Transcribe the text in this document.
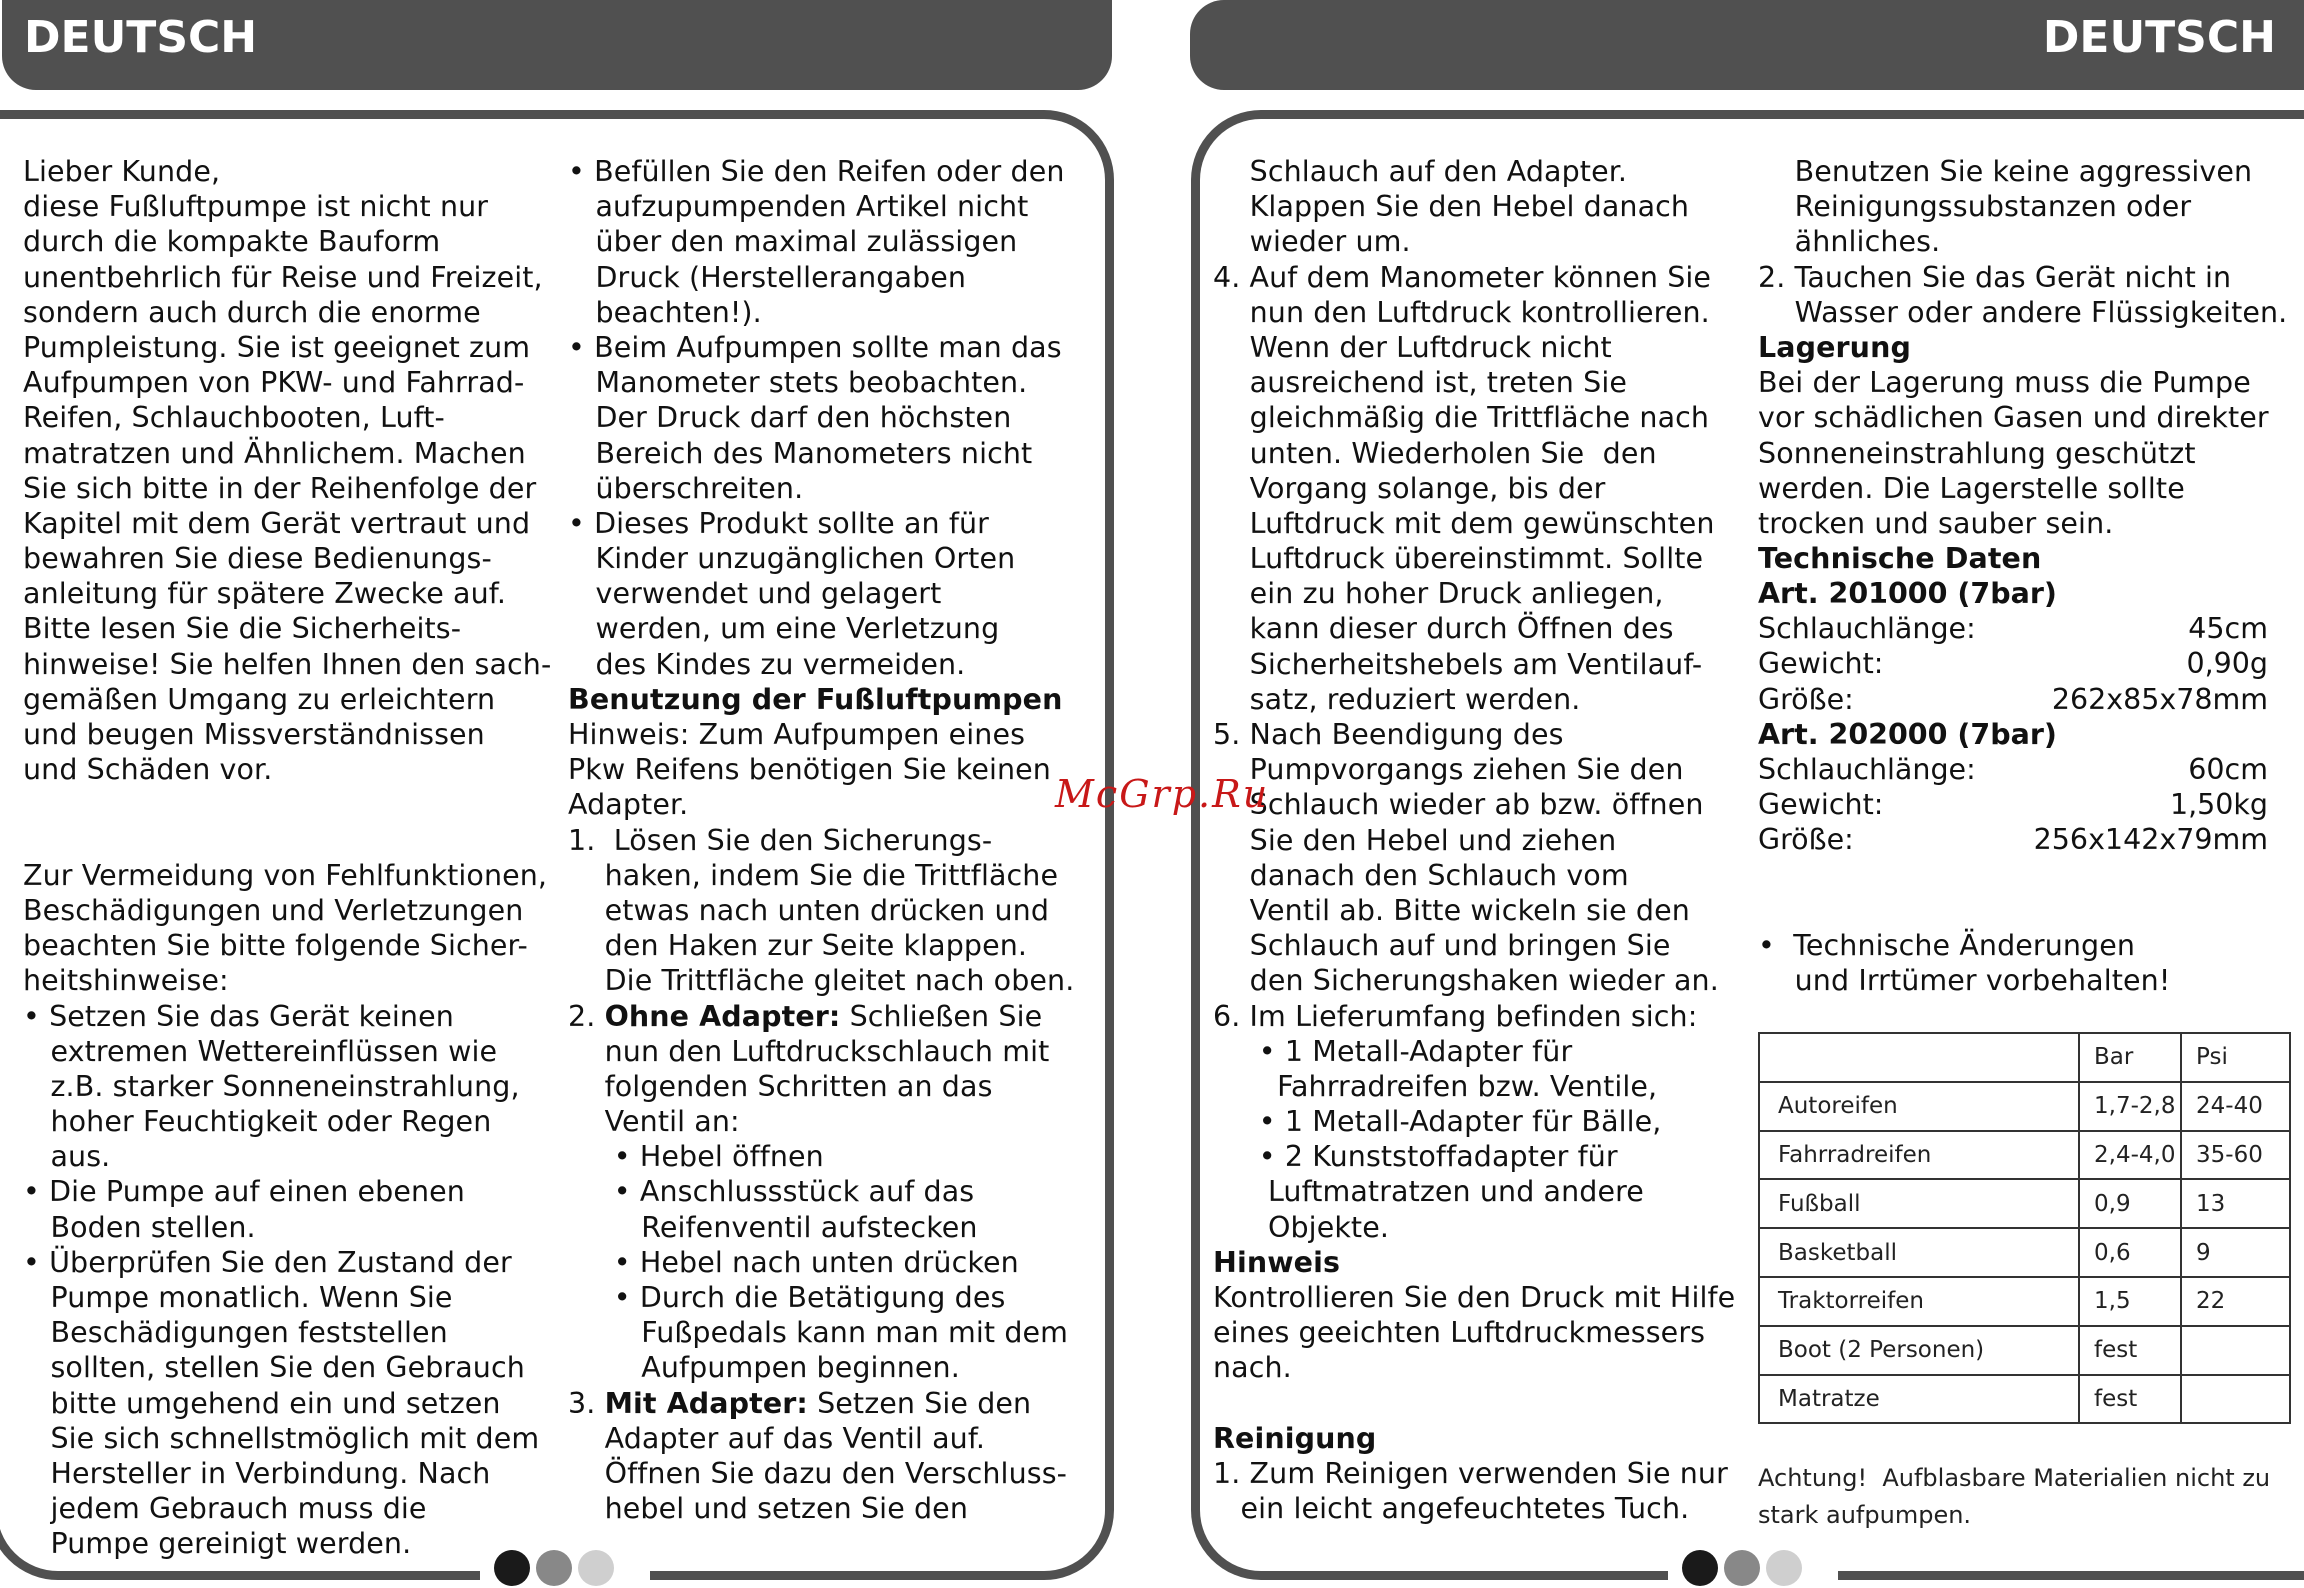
DEUTSCH	DEUTSCH
Lieber Kunde,
diese Fußluftpumpe ist nicht nur
durch die kompakte Bauform
unentbehrlich für Reise und Freizeit,
sondern auch durch die enorme
Pumpleistung. Sie ist geeignet zum
Aufpumpen von PKW- und Fahrrad-
Reifen, Schlauchbooten, Luft-
matratzen und Ähnlichem. Machen
Sie sich bitte in der Reihenfolge der
Kapitel mit dem Gerät vertraut und
bewahren Sie diese Bedienungs-
anleitung für spätere Zwecke auf.
Bitte lesen Sie die Sicherheits-
hinweise! Sie helfen Ihnen den sach-
gemäßen Umgang zu erleichtern
und beugen Missverständnissen
und Schäden vor.
Zur Vermeidung von Fehlfunktionen,
Beschädigungen und Verletzungen
beachten Sie bitte folgende Sicher-
heitshinweise:
• Setzen Sie das Gerät keinen
extremen Wettereinflüssen wie
z.B. starker Sonneneinstrahlung,
hoher Feuchtigkeit oder Regen
aus.
• Die Pumpe auf einen ebenen
Boden stellen.
• Überprüfen Sie den Zustand der
Pumpe monatlich. Wenn Sie
Beschädigungen feststellen
sollten, stellen Sie den Gebrauch
bitte umgehend ein und setzen
Sie sich schnellstmöglich mit dem
Hersteller in Verbindung. Nach
jedem Gebrauch muss die
Pumpe gereinigt werden.
• Befüllen Sie den Reifen oder den
aufzupumpenden Artikel nicht
über den maximal zulässigen
Druck (Herstellerangaben
beachten!).
• Beim Aufpumpen sollte man das
Manometer stets beobachten.
Der Druck darf den höchsten
Bereich des Manometers nicht
überschreiten.
• Dieses Produkt sollte an für
Kinder unzugänglichen Orten
verwendet und gelagert
werden, um eine Verletzung
des Kindes zu vermeiden.
Benutzung der Fußluftpumpen
Hinweis: Zum Aufpumpen eines
Pkw Reifens benötigen Sie keinen
Adapter.
1.  Lösen Sie den Sicherungs-
haken, indem Sie die Trittfläche
etwas nach unten drücken und
den Haken zur Seite klappen.
Die Trittfläche gleitet nach oben.
2. Ohne Adapter: Schließen Sie
nun den Luftdruckschlauch mit
folgenden Schritten an das
Ventil an:
• Hebel öffnen
• Anschlussstück auf das
Reifenventil aufstecken
• Hebel nach unten drücken
• Durch die Betätigung des
Fußpedals kann man mit dem
Aufpumpen beginnen.
3. Mit Adapter: Setzen Sie den
Adapter auf das Ventil auf.
Öffnen Sie dazu den Verschluss-
hebel und setzen Sie den
Schlauch auf den Adapter.
Klappen Sie den Hebel danach
wieder um.
4. Auf dem Manometer können Sie
nun den Luftdruck kontrollieren.
Wenn der Luftdruck nicht
ausreichend ist, treten Sie
gleichmäßig die Trittfläche nach
unten. Wiederholen Sie  den
Vorgang solange, bis der
Luftdruck mit dem gewünschten
Luftdruck übereinstimmt. Sollte
ein zu hoher Druck anliegen,
kann dieser durch Öffnen des
Sicherheitshebels am Ventilauf-
satz, reduziert werden.
5. Nach Beendigung des
Pumpvorgangs ziehen Sie den
Schlauch wieder ab bzw. öffnen
Sie den Hebel und ziehen
danach den Schlauch vom
Ventil ab. Bitte wickeln sie den
Schlauch auf und bringen Sie
den Sicherungshaken wieder an.
6. Im Lieferumfang befinden sich:
• 1 Metall-Adapter für
Fahrradreifen bzw. Ventile,
• 1 Metall-Adapter für Bälle,
• 2 Kunststoffadapter für
Luftmatratzen und andere
Objekte.
Hinweis
Kontrollieren Sie den Druck mit Hilfe
eines geeichten Luftdruckmessers
nach.
Reinigung
1. Zum Reinigen verwenden Sie nur
ein leicht angefeuchtetes Tuch.
Benutzen Sie keine aggressiven
Reinigungssubstanzen oder
ähnliches.
2. Tauchen Sie das Gerät nicht in
Wasser oder andere Flüssigkeiten.
Lagerung
Bei der Lagerung muss die Pumpe
vor schädlichen Gasen und direkter
Sonneneinstrahlung geschützt
werden. Die Lagerstelle sollte
trocken und sauber sein.
Technische Daten
Art. 201000 (7bar)
Schlauchlänge:	45cm
Gewicht:	0,90g
Größe:	262x85x78mm
Art. 202000 (7bar)
Schlauchlänge:	60cm
Gewicht:	1,50kg
Größe:	256x142x79mm
•  Technische Änderungen
und Irrtümer vorbehalten!
	Bar	Psi
Autoreifen	1,7-2,8	24-40
Fahrradreifen	2,4-4,0	35-60
Fußball	0,9	13
Basketball	0,6	9
Traktorreifen	1,5	22
Boot (2 Personen)	fest	
Matratze	fest	
Achtung!  Aufblasbare Materialien nicht zu
stark aufpumpen.
McGrp.Ru
